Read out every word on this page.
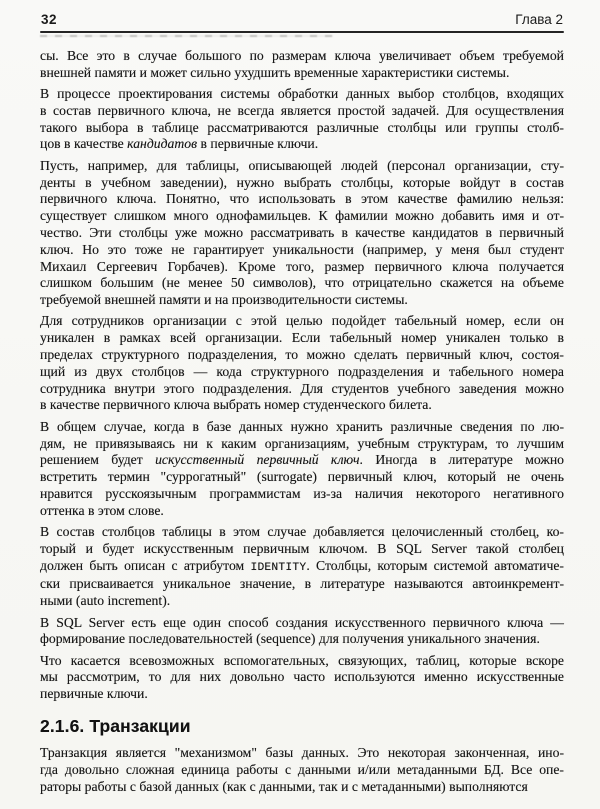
32	Глава 2
сы. Все это в случае большого по размерам ключа увеличивает объем требуемой
внешней памяти и может сильно ухудшить временные характеристики системы.
В процессе проектирования системы обработки данных выбор столбцов, входящих
в состав первичного ключа, не всегда является простой задачей. Для осуществления
такого выбора в таблице рассматриваются различные столбцы или группы столб-
цов в качестве кандидатов в первичные ключи.
Пусть, например, для таблицы, описывающей людей (персонал организации, сту-
денты в учебном заведении), нужно выбрать столбцы, которые войдут в состав
первичного ключа. Понятно, что использовать в этом качестве фамилию нельзя:
существует слишком много однофамильцев. К фамилии можно добавить имя и от-
чество. Эти столбцы уже можно рассматривать в качестве кандидатов в первичный
ключ. Но это тоже не гарантирует уникальности (например, у меня был студент
Михаил Сергеевич Горбачев). Кроме того, размер первичного ключа получается
слишком большим (не менее 50 символов), что отрицательно скажется на объеме
требуемой внешней памяти и на производительности системы.
Для сотрудников организации с этой целью подойдет табельный номер, если он
уникален в рамках всей организации. Если табельный номер уникален только в
пределах структурного подразделения, то можно сделать первичный ключ, состоя-
щий из двух столбцов — кода структурного подразделения и табельного номера
сотрудника внутри этого подразделения. Для студентов учебного заведения можно
в качестве первичного ключа выбрать номер студенческого билета.
В общем случае, когда в базе данных нужно хранить различные сведения по лю-
дям, не привязываясь ни к каким организациям, учебным структурам, то лучшим
решением будет искусственный первичный ключ. Иногда в литературе можно
встретить термин "суррогатный" (surrogate) первичный ключ, который не очень
нравится русскоязычным программистам из-за наличия некоторого негативного
оттенка в этом слове.
В состав столбцов таблицы в этом случае добавляется целочисленный столбец, ко-
торый и будет искусственным первичным ключом. В SQL Server такой столбец
должен быть описан с атрибутом IDENTITY. Столбцы, которым системой автоматиче-
ски присваивается уникальное значение, в литературе называются автоинкремент-
ными (auto increment).
В SQL Server есть еще один способ создания искусственного первичного ключа —
формирование последовательностей (sequence) для получения уникального значения.
Что касается всевозможных вспомогательных, связующих, таблиц, которые вскоре
мы рассмотрим, то для них довольно часто используются именно искусственные
первичные ключи.
2.1.6. Транзакции
Транзакция является "механизмом" базы данных. Это некоторая законченная, ино-
гда довольно сложная единица работы с данными и/или метаданными БД. Все опе-
раторы работы с базой данных (как с данными, так и с метаданными) выполняются
